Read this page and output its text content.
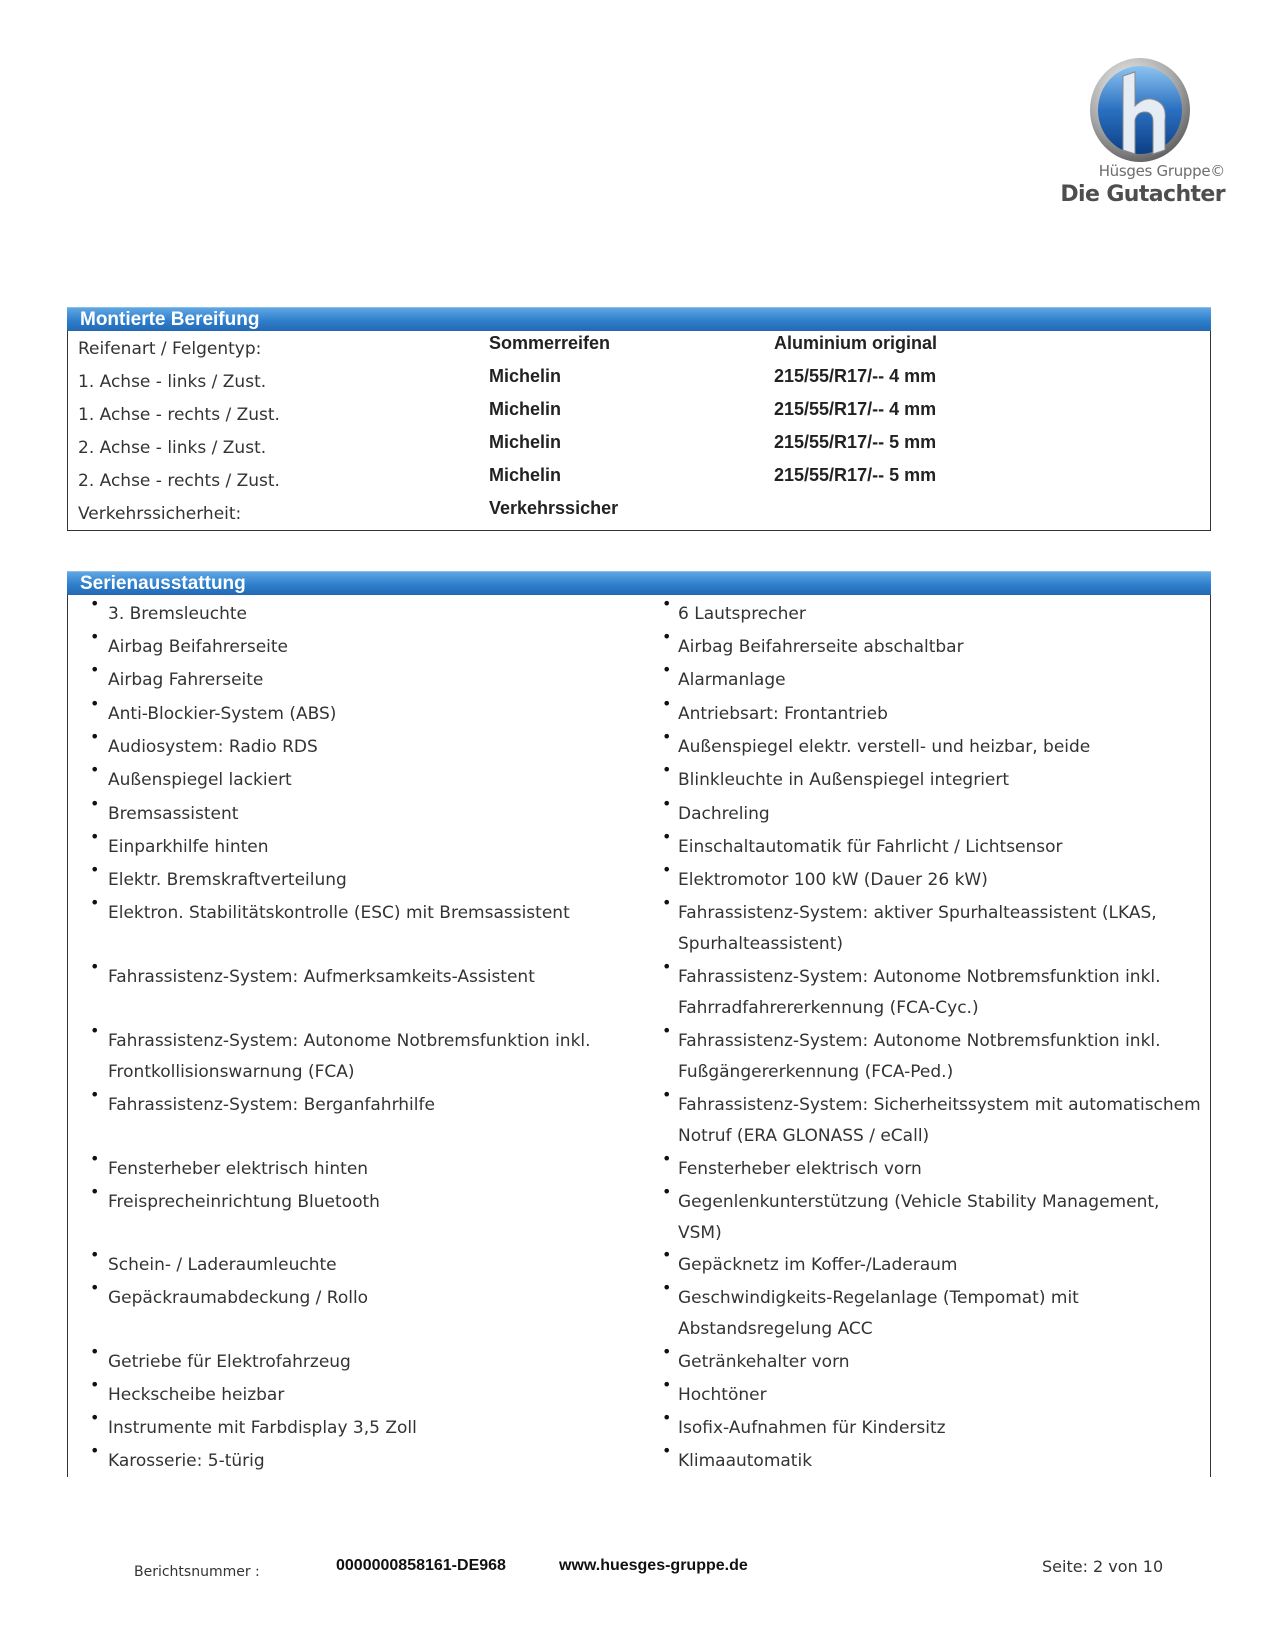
Hüsges Gruppe©
Die Gutachter
Montierte Bereifung
Reifenart / Felgentyp:	Sommerreifen	Aluminium original
1. Achse - links / Zust.	Michelin	215/55/R17/-- 4 mm
1. Achse - rechts / Zust.	Michelin	215/55/R17/-- 4 mm
2. Achse - links / Zust.	Michelin	215/55/R17/-- 5 mm
2. Achse - rechts / Zust.	Michelin	215/55/R17/-- 5 mm
Verkehrssicherheit:	Verkehrssicher
Serienausstattung
•
3. Bremsleuchte
•
Airbag Beifahrerseite
•
Airbag Fahrerseite
•
Anti-Blockier-System (ABS)
•
Audiosystem: Radio RDS
•
Außenspiegel lackiert
•
Bremsassistent
•
Einparkhilfe hinten
•
Elektr. Bremskraftverteilung
•
Elektron. Stabilitätskontrolle (ESC) mit Bremsassistent
•
Fahrassistenz-System: Aufmerksamkeits-Assistent
•
Fahrassistenz-System: Autonome Notbremsfunktion inkl. Frontkollisionswarnung (FCA)
•
Fahrassistenz-System: Berganfahrhilfe
•
Fensterheber elektrisch hinten
•
Freisprecheinrichtung Bluetooth
•
Schein- / Laderaumleuchte
•
Gepäckraumabdeckung / Rollo
•
Getriebe für Elektrofahrzeug
•
Heckscheibe heizbar
•
Instrumente mit Farbdisplay 3,5 Zoll
•
Karosserie: 5-türig
•
6 Lautsprecher
•
Airbag Beifahrerseite abschaltbar
•
Alarmanlage
•
Antriebsart: Frontantrieb
•
Außenspiegel elektr. verstell- und heizbar, beide
•
Blinkleuchte in Außenspiegel integriert
•
Dachreling
•
Einschaltautomatik für Fahrlicht / Lichtsensor
•
Elektromotor 100 kW (Dauer 26 kW)
•
Fahrassistenz-System: aktiver Spurhalteassistent (LKAS, Spurhalteassistent)
•
Fahrassistenz-System: Autonome Notbremsfunktion inkl. Fahrradfahrererkennung (FCA-Cyc.)
•
Fahrassistenz-System: Autonome Notbremsfunktion inkl. Fußgängererkennung (FCA-Ped.)
•
Fahrassistenz-System: Sicherheitssystem mit automatischem Notruf (ERA GLONASS / eCall)
•
Fensterheber elektrisch vorn
•
Gegenlenkunterstützung (Vehicle Stability Management, VSM)
•
Gepäcknetz im Koffer-/Laderaum
•
Geschwindigkeits-Regelanlage (Tempomat) mit Abstandsregelung ACC
•
Getränkehalter vorn
•
Hochtöner
•
Isofix-Aufnahmen für Kindersitz
•
Klimaautomatik
Berichtsnummer :	0000000858161-DE968	www.huesges-gruppe.de	Seite: 2 von 10
